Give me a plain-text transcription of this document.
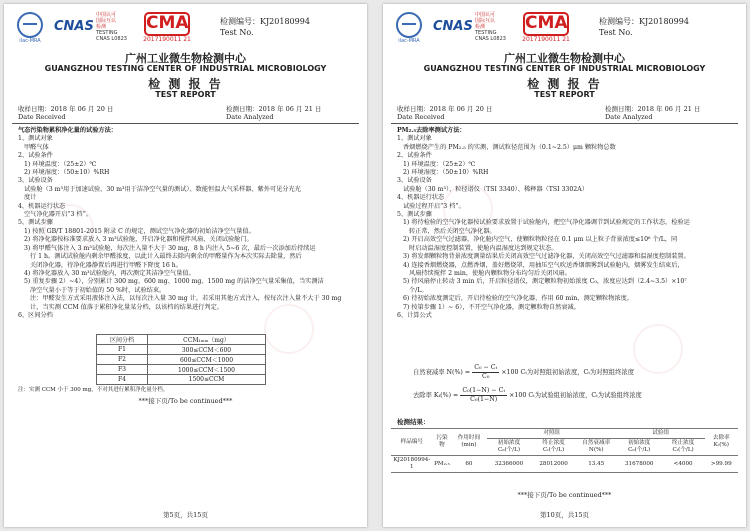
ilac-MRA
CNAS
中国认可
国际互认
检测
TESTING
CNAS L0823
CMA
2017190011 21
检测编号：KJ20180994
Test No.
广州工业微生物检测中心
GUANGZHOU TESTING CENTER OF INDUSTRIAL MICROBIOLOGY
检 测 报 告
TEST REPORT
收样日期：2018 年 06 月 20 日
Date Received
检测日期：2018 年 06 月 21 日
Date Analyzed

气态污染物累积净化量的试验方法：

1、测试对象

甲醛气体

2、试验条件

1) 环境温度：（25±2）℃

2) 环境湿度：（50±10）%RH

3、试验设备

试验舱（3 m³用于加速试验，30 m³用于洁净空气量的测试）、数能恒温大气采样器、紫外可见分光光

度计

4、机器运行状态

空气净化器开启“3 档”。

5、测试步骤

1) 按照 GB/T 18801-2015 附录 C 的规定，测试空气净化器的初始洁净空气量值。

2) 将净化器按标准要求放入 3 m³试验舱，开启净化器和搅拌风扇，关闭试验舱门。

3) 将甲醛气体注入 3 m³试验舱，每次注入量不大于 30 mg，8 h 内注入 5~6 次，最后一次添加后持续运

行 1 h。测试试验舱内剩余甲醛浓度，以此计入最终去除内剩余的甲醛量作为本次实际去除量，然后

关闭净化器，待净化器静置后再进行甲醛下降度 16 h。

4) 将净化器放入 30 m³试验舱内，再次测定其洁净空气量值。

5) 重复步骤 2）~4），分别累计 300 mg、600 mg、1000 mg、1500 mg 的洁净空气量采集值，当实测洁

净空气量小于等于初始值的 50 %时，试验结束。

注：甲醛发生方式采用液体注入法，以每次注入量 30 mg 计，若采用其他方式注入，按每次注入量不大于 30 mg

计，当实测 CCM 值落于累积净化量某分档，以该档的结果进行判定。

6、区间分档

区间分档	CCM₁ₘₘ（mg）
F1	300≤CCM＜600
F2	600≤CCM＜1000
F3	1000≤CCM＜1500
F4	1500≤CCM
注：实测 CCM 小于 300 mg，不对其进行累积净化量分档。
***接下页/To be continued***
第5页，共15页
ilac-MRA
CNAS
中国认可
国际互认
检测
TESTING
CNAS L0823
CMA
2017190011 21
检测编号：KJ20180994
Test No.
广州工业微生物检测中心
GUANGZHOU TESTING CENTER OF INDUSTRIAL MICROBIOLOGY
检 测 报 告
TEST REPORT
收样日期：2018 年 06 月 20 日
Date Received
检测日期：2018 年 06 月 21 日
Date Analyzed

PM₂.₅去除率测试方法：

1、测试对象

香烟燃烧产生的 PM₂.₅ 的实测，测试粒径范围为（0.1~2.5）μm 颗粒物总数

2、试验条件

1) 环境温度：（25±2）℃

2) 环境湿度：（50±10）%RH

3、试验设备

试验舱（30 m³）、粒径谱仪（TSI 3340）、稀释器（TSI 3302A）

4、机器运行状态

试验过程开启“3 档”。

5、测试步骤

1) 将待检验的空气净化器按试验要求放置于试验舱内，把空气净化器调节到试验规定的工作状态，检验运

转正常，然后关闭空气净化器。

2) 开启高效空气过滤器，净化舱内空气，使颗粒物粒径在 0.1 μm 以上粒子背景浓度≤10⁶ 个/L，同

时启动温湿度控制装置，使舱内温湿度达到规定状态。

3) 将发烟颗粒物背景浓度测量结果后关闭高效空气过滤净化器，关闭高效空气过滤器和温湿度控制装置。

4) 连接香烟燃烧器，点燃香烟，盖好燃烧罩，用抽压空气吹送香烟烟雾到试验舱内，烟雾发生结束后，

风扇持续搅拌 2 min，使舱内颗粒物分布均匀后关闭风扇。

5) 待风扇停止转动 3 min 后，开启粒径谱仪，测定颗粒物初始浓度 C₀，浓度应达到（2.4~3.5）×10⁷

个/L。

6) 待初始浓度测定后，开启待检验的空气净化器，作用 60 min，测定颗粒物浓度。

7) 按第步骤 1）~ 6），不开空气净化器，测定颗粒物自然衰减。

6、计算公式

自然衰减率 $N(\%) = \frac{\text{C₀ − Cₜ}}{\text{C₀}} \times 100$ Cₜ为对照组初始浓度，Cₜ为对照组终浓度
去除率 $K_t(\%) = \frac{\text{C₀(1−N) − Cₜ}}{\text{C₀(1−N)}} \times 100$ Cₜ为试验组初始浓度，Cₜ为试验组终浓度
检测结果：
样品编号	污染物	作用时间(min)	对照组			试验组		去除率 Kₜ(%)
			初始浓度 C₀(个/L)	终止浓度 Cₜ(个/L)	自然衰减率 N(%)	初始浓度 C₀(个/L)	终止浓度 Cₜ(个/L)	
KJ20180994-1	PM₂.₅	60	32366000	28012000	13.45	31678000	<4000	>99.99
***接下页/To be continued***
第10页，共15页
